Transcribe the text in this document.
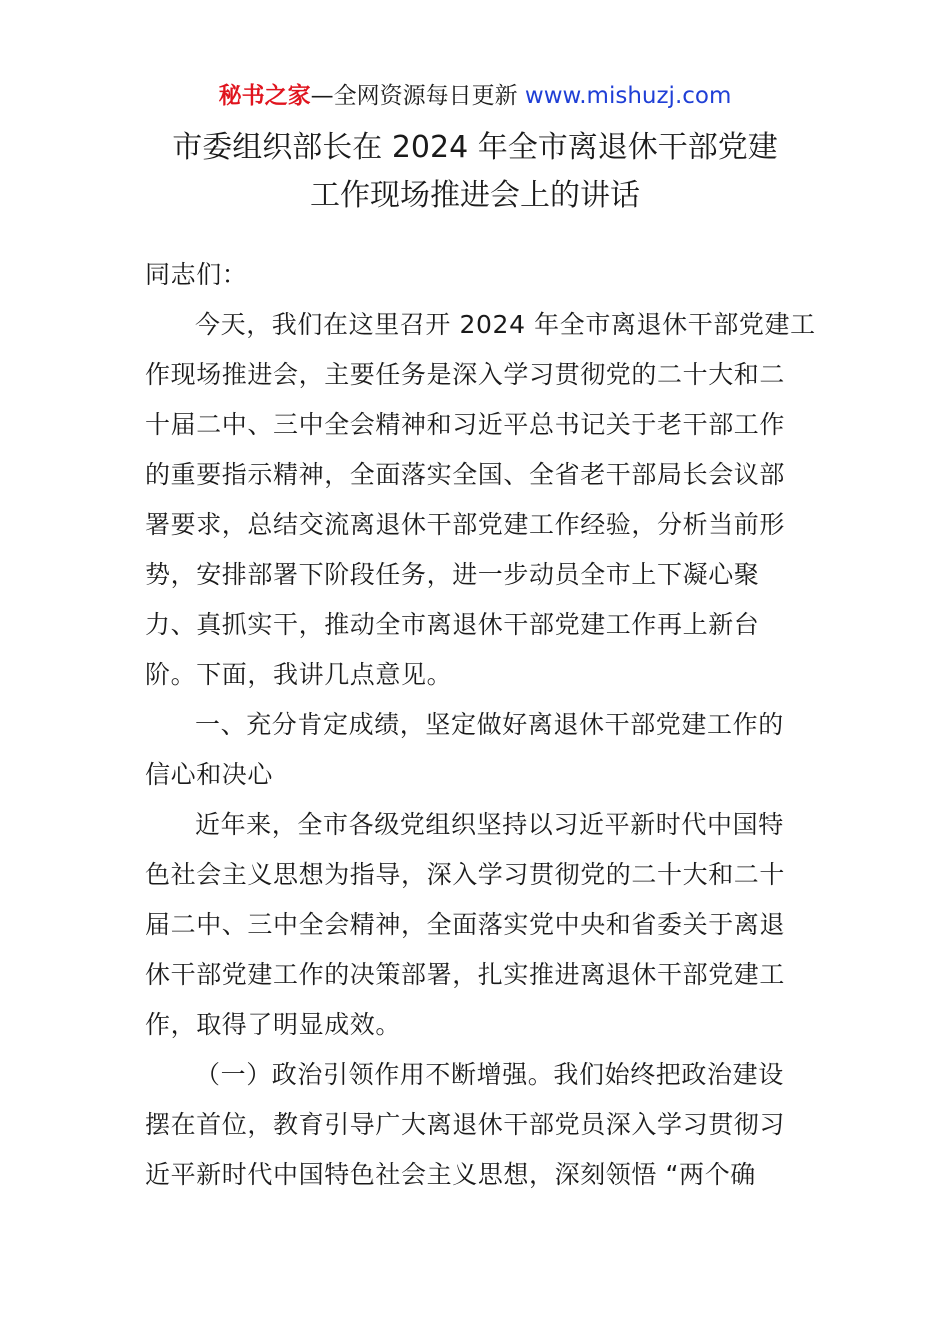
秘书之家—全网资源每日更新 www.mishuzj.com
市委组织部长在 2024 年全市离退休干部党建
工作现场推进会上的讲话
同志们：
今天，我们在这里召开 2024 年全市离退休干部党建工
作现场推进会，主要任务是深入学习贯彻党的二十大和二
十届二中、三中全会精神和习近平总书记关于老干部工作
的重要指示精神，全面落实全国、全省老干部局长会议部
署要求，总结交流离退休干部党建工作经验，分析当前形
势，安排部署下阶段任务，进一步动员全市上下凝心聚
力、真抓实干，推动全市离退休干部党建工作再上新台
阶。下面，我讲几点意见。
一、充分肯定成绩，坚定做好离退休干部党建工作的
信心和决心
近年来，全市各级党组织坚持以习近平新时代中国特
色社会主义思想为指导，深入学习贯彻党的二十大和二十
届二中、三中全会精神，全面落实党中央和省委关于离退
休干部党建工作的决策部署，扎实推进离退休干部党建工
作，取得了明显成效。
（一）政治引领作用不断增强。我们始终把政治建设
摆在首位，教育引导广大离退休干部党员深入学习贯彻习
近平新时代中国特色社会主义思想，深刻领悟 “两个确
